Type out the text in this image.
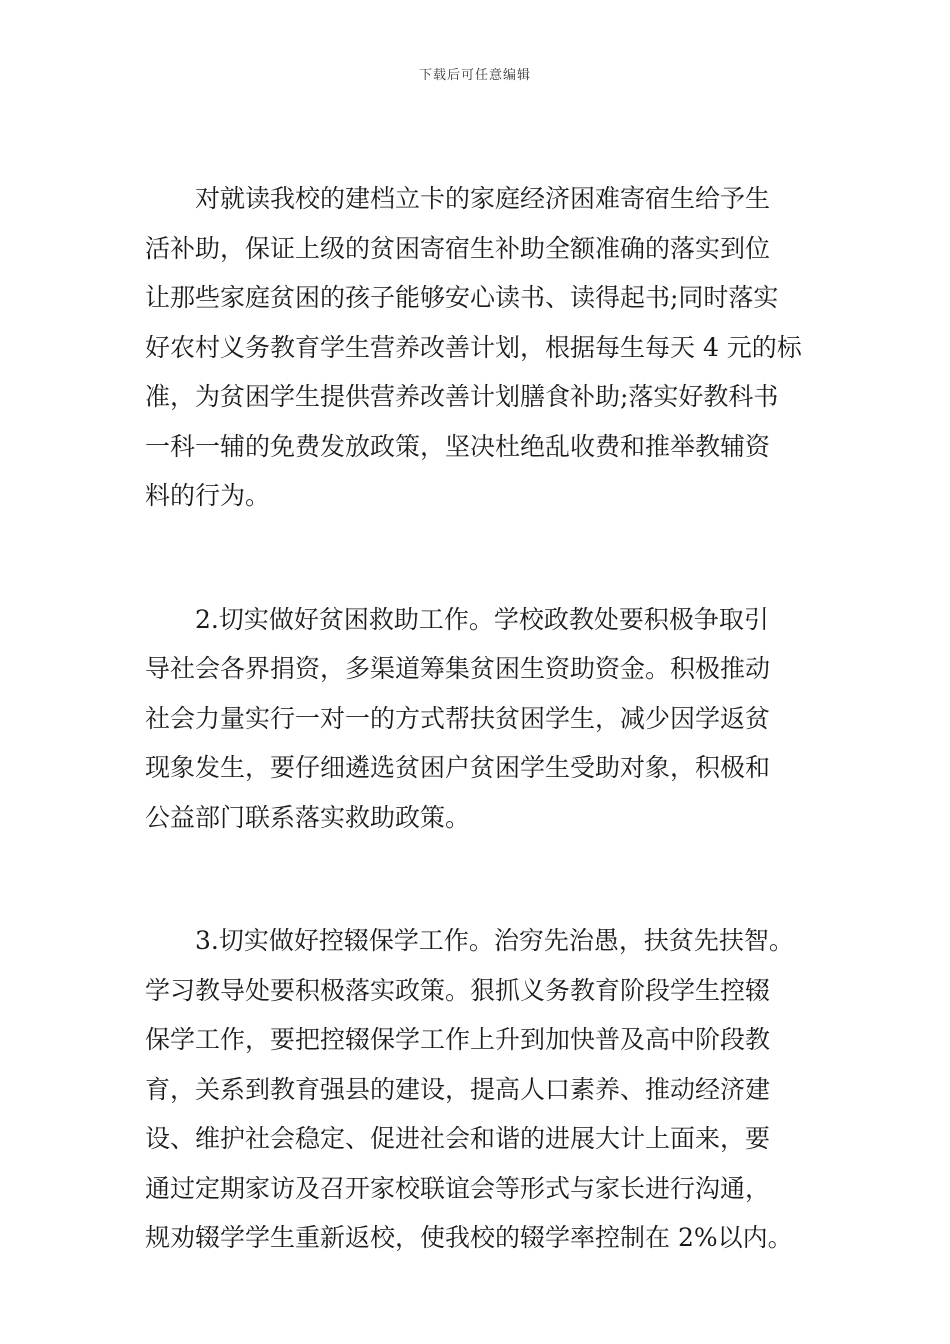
下载后可任意编辑
　　对就读我校的建档立卡的家庭经济困难寄宿生给予生
活补助，保证上级的贫困寄宿生补助全额准确的落实到位
让那些家庭贫困的孩子能够安心读书、读得起书;同时落实
好农村义务教育学生营养改善计划，根据每生每天 4 元的标
准，为贫困学生提供营养改善计划膳食补助;落实好教科书
一科一辅的免费发放政策，坚决杜绝乱收费和推举教辅资
料的行为。
　　2.切实做好贫困救助工作。学校政教处要积极争取引
导社会各界捐资，多渠道筹集贫困生资助资金。积极推动
社会力量实行一对一的方式帮扶贫困学生，减少因学返贫
现象发生，要仔细遴选贫困户贫困学生受助对象，积极和
公益部门联系落实救助政策。
　　3.切实做好控辍保学工作。治穷先治愚，扶贫先扶智。
学习教导处要积极落实政策。狠抓义务教育阶段学生控辍
保学工作，要把控辍保学工作上升到加快普及高中阶段教
育，关系到教育强县的建设，提高人口素养、推动经济建
设、维护社会稳定、促进社会和谐的进展大计上面来，要
通过定期家访及召开家校联谊会等形式与家长进行沟通，
规劝辍学学生重新返校，使我校的辍学率控制在 2%以内。
